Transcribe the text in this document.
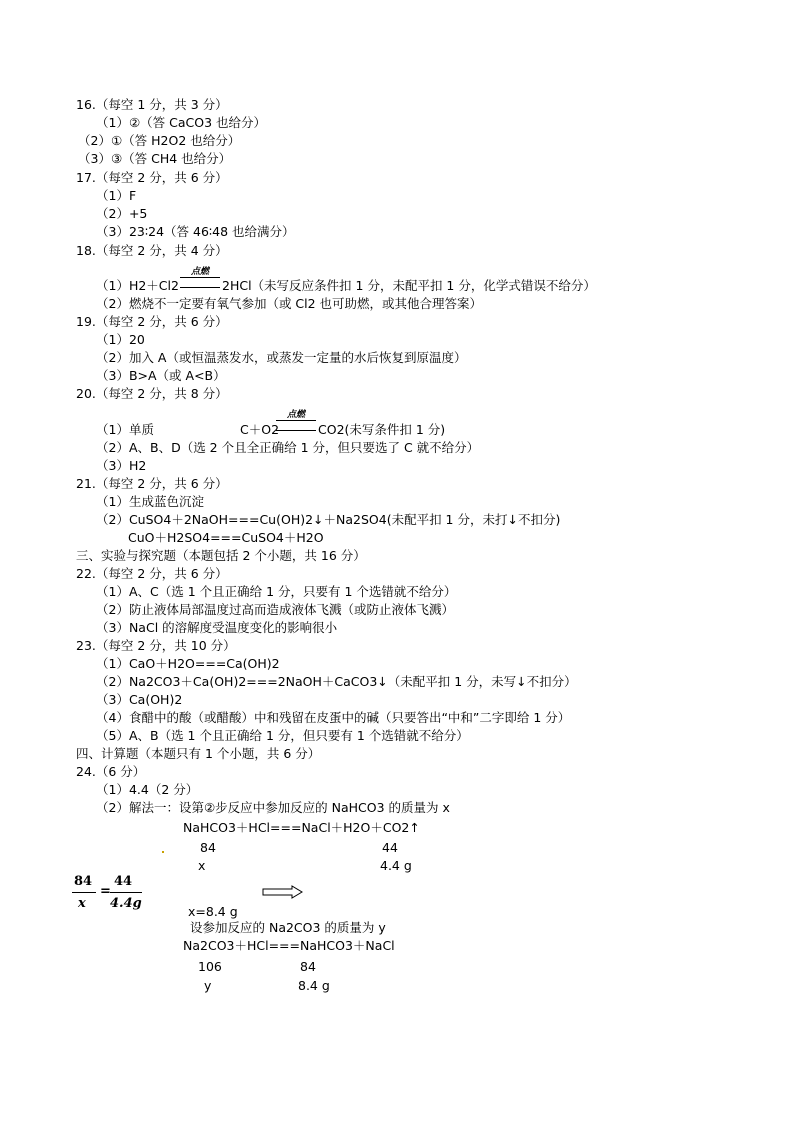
16.（每空 1 分，共 3 分）
（1）②（答 CaCO3 也给分）
（2）①（答 H2O2 也给分）
（3）③（答 CH4 也给分）
17.（每空 2 分，共 6 分）
（1）F
（2）+5
（3）23∶24（答 46∶48 也给满分）
18.（每空 2 分，共 4 分）
（1）H2＋Cl2
点燃
2HCl（未写反应条件扣 1 分，未配平扣 1 分，化学式错误不给分）
（2）燃烧不一定要有氧气参加（或 Cl2 也可助燃，或其他合理答案）
19.（每空 2 分，共 6 分）
（1）20
（2）加入 A（或恒温蒸发水，或蒸发一定量的水后恢复到原温度）
（3）B>A（或 A<B）
20.（每空 2 分，共 8 分）
（1）单质	C＋O2
点燃
CO2(未写条件扣 1 分)
（2）A、B、D（选 2 个且全正确给 1 分，但只要选了 C 就不给分）
（3）H2
21.（每空 2 分，共 6 分）
（1）生成蓝色沉淀
（2）CuSO4＋2NaOH===Cu(OH)2↓＋Na2SO4(未配平扣 1 分，未打↓不扣分)
CuO＋H2SO4===CuSO4＋H2O
三、实验与探究题（本题包括 2 个小题，共 16 分）
22.（每空 2 分，共 6 分）
（1）A、C（选 1 个且正确给 1 分，只要有 1 个选错就不给分）
（2）防止液体局部温度过高而造成液体飞溅（或防止液体飞溅）
（3）NaCl 的溶解度受温度变化的影响很小
23.（每空 2 分，共 10 分）
（1）CaO＋H2O===Ca(OH)2
（2）Na2CO3＋Ca(OH)2===2NaOH＋CaCO3↓（未配平扣 1 分，未写↓不扣分）
（3）Ca(OH)2
（4）食醋中的酸（或醋酸）中和残留在皮蛋中的碱（只要答出“中和”二字即给 1 分）
（5）A、B（选 1 个且正确给 1 分，但只要有 1 个选错就不给分）
四、计算题（本题只有 1 个小题，共 6 分）
24.（6 分）
（1）4.4（2 分）
（2）解法一：设第②步反应中参加反应的 NaHCO3 的质量为 x
NaHCO3＋HCl===NaCl＋H2O＋CO2↑
84	44
x	4.4 g
84
x
=
44
4.4g
x=8.4 g
设参加反应的 Na2CO3 的质量为 y
Na2CO3＋HCl===NaHCO3＋NaCl
106	84
y	8.4 g
